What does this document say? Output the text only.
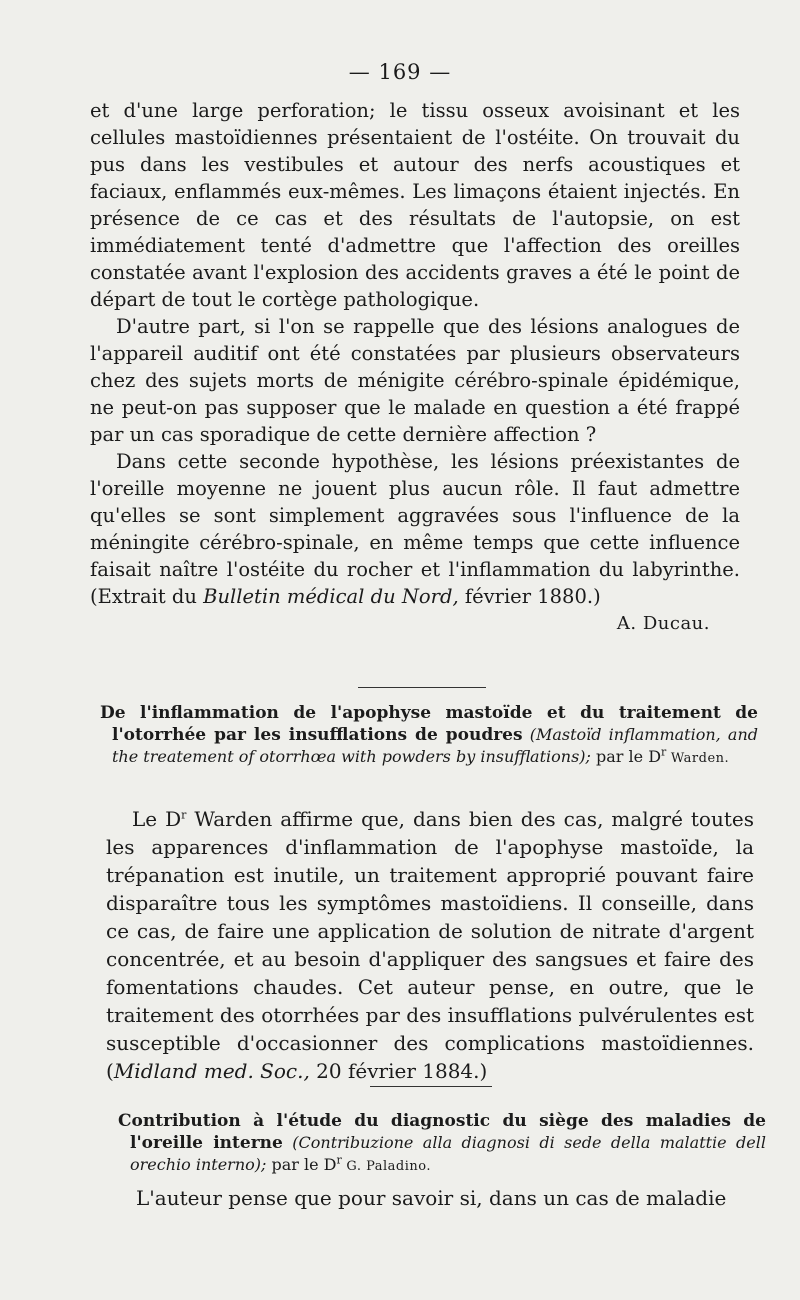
— 169 —

et d'une large perforation; le tissu osseux avoisinant et les cellules mastoïdiennes présentaient de l'ostéite. On trouvait du pus dans les vestibules et autour des nerfs acoustiques et faciaux, enflammés eux-mêmes. Les limaçons étaient injectés. En présence de ce cas et des résultats de l'autopsie, on est immédiatement tenté d'admettre que l'affection des oreilles constatée avant l'explosion des accidents graves a été le point de départ de tout le cortège pathologique.

D'autre part, si l'on se rappelle que des lésions analogues de l'appareil auditif ont été constatées par plusieurs observateurs chez des sujets morts de ménigite cérébro-spinale épidémique, ne peut-on pas supposer que le malade en question a été frappé par un cas sporadique de cette dernière affection ?

Dans cette seconde hypothèse, les lésions préexistantes de l'oreille moyenne ne jouent plus aucun rôle. Il faut admettre qu'elles se sont simplement aggravées sous l'influence de la méningite cérébro-spinale, en même temps que cette influence faisait naître l'ostéite du rocher et l'inflammation du labyrinthe. (Extrait du Bulletin médical du Nord, février 1880.)

A. Ducau.

De l'inflammation de l'apophyse mastoïde et du traitement de l'otorrhée par les insufflations de poudres (Mastoïd inflammation, and the treatement of otorrhœa with powders by insufflations); par le $D^r$ Warden.

Le $D^r$ Warden affirme que, dans bien des cas, malgré toutes les apparences d'inflammation de l'apophyse mastoïde, la trépanation est inutile, un traitement approprié pouvant faire disparaître tous les symptômes mastoïdiens. Il conseille, dans ce cas, de faire une application de solution de nitrate d'argent concentrée, et au besoin d'appliquer des sangsues et faire des fomentations chaudes. Cet auteur pense, en outre, que le traitement des otorrhées par des insufflations pulvérulentes est susceptible d'occasionner des complications mastoïdiennes. (Midland med. Soc., 20 février 1884.)

Contribution à l'étude du diagnostic du siège des maladies de l'oreille interne (Contribuzione alla diagnosi di sede della malattie dell orechio interno); par le $D^r$ G. Paladino.

L'auteur pense que pour savoir si, dans un cas de maladie
